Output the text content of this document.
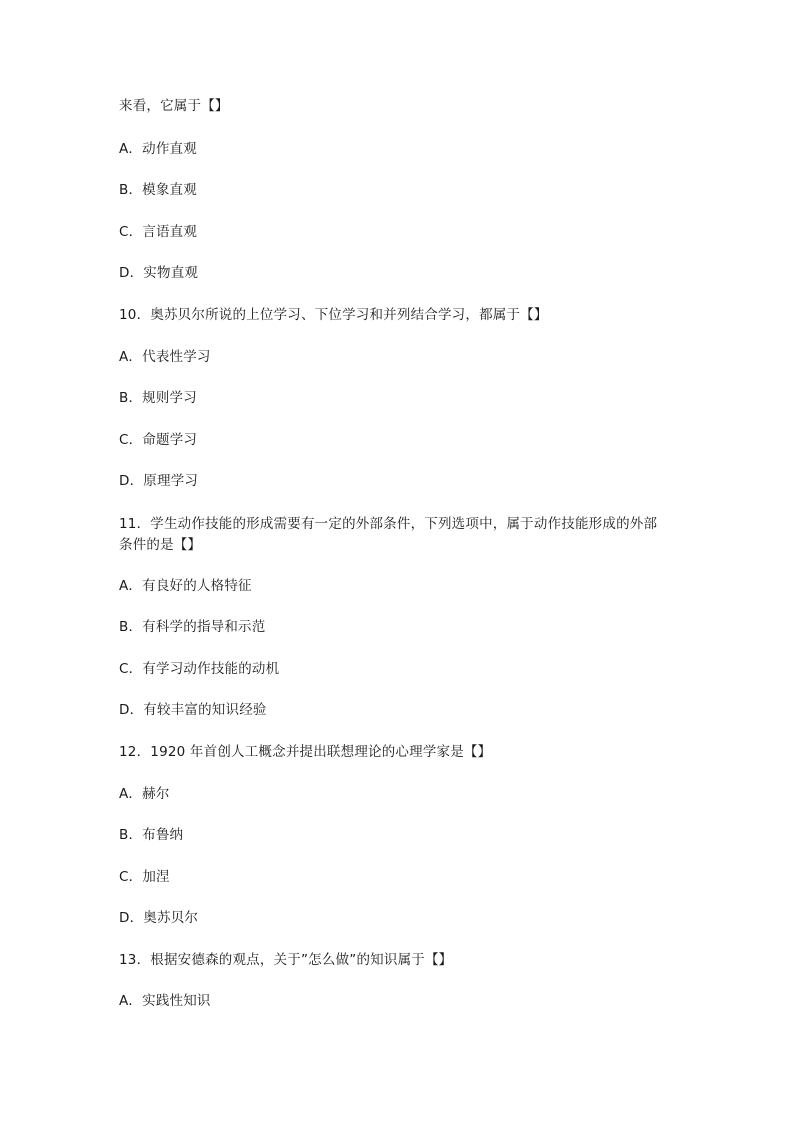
来看，它属于【】
A．动作直观
B．模象直观
C．言语直观
D．实物直观
10．奥苏贝尔所说的上位学习、下位学习和并列结合学习，都属于【】
A．代表性学习
B．规则学习
C．命题学习
D．原理学习
11．学生动作技能的形成需要有一定的外部条件，下列选项中，属于动作技能形成的外部
条件的是【】
A．有良好的人格特征
B．有科学的指导和示范
C．有学习动作技能的动机
D．有较丰富的知识经验
12．1920 年首创人工概念并提出联想理论的心理学家是【】
A．赫尔
B．布鲁纳
C．加涅
D．奥苏贝尔
13．根据安德森的观点，关于”怎么做”的知识属于【】
A．实践性知识
